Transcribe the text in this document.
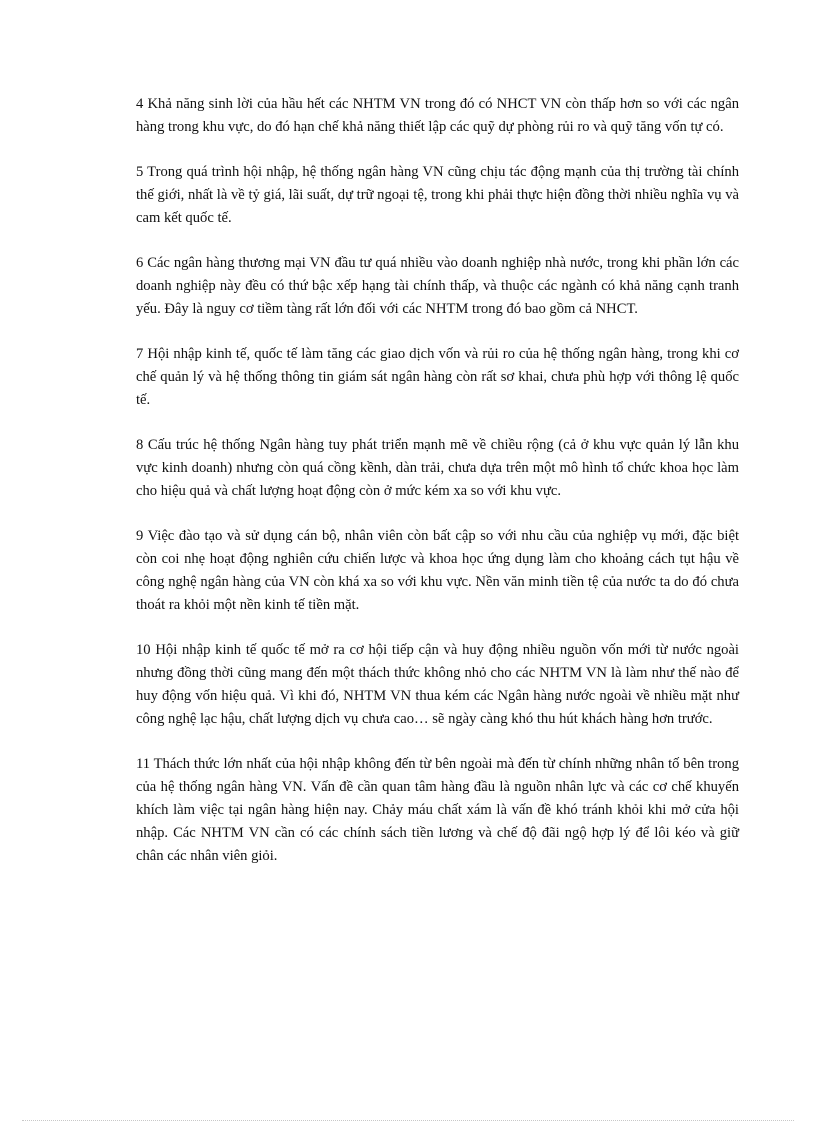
4 Khả năng sinh lời của hầu hết các NHTM VN trong đó có NHCT VN còn thấp hơn so với các ngân hàng trong khu vực, do đó hạn chế khả năng thiết lập các quỹ dự phòng rủi ro và quỹ tăng vốn tự có.

5 Trong quá trình hội nhập, hệ thống ngân hàng VN cũng chịu tác động mạnh của thị trường tài chính thế giới, nhất là về tỷ giá, lãi suất, dự trữ ngoại tệ, trong khi phải thực hiện đồng thời nhiều nghĩa vụ và cam kết quốc tế.

6 Các ngân hàng thương mại VN đầu tư quá nhiều vào doanh nghiệp nhà nước, trong khi phần lớn các doanh nghiệp này đều có thứ bậc xếp hạng tài chính thấp, và thuộc các ngành có khả năng cạnh tranh yếu. Đây là nguy cơ tiềm tàng rất lớn đối với các NHTM trong đó bao gồm cả NHCT.

7 Hội nhập kinh tế, quốc tế làm tăng các giao dịch vốn và rủi ro của hệ thống ngân hàng, trong khi cơ chế quản lý và hệ thống thông tin giám sát ngân hàng còn rất sơ khai, chưa phù hợp với thông lệ quốc tế.

8 Cấu trúc hệ thống Ngân hàng tuy phát triển mạnh mẽ về chiều rộng (cả ở khu vực quản lý lẫn khu vực kinh doanh) nhưng còn quá cồng kềnh, dàn trải, chưa dựa trên một mô hình tổ chức khoa học làm cho hiệu quả và chất lượng hoạt động còn ở mức kém xa so với khu vực.

9 Việc đào tạo và sử dụng cán bộ, nhân viên còn bất cập so với nhu cầu của nghiệp vụ mới, đặc biệt còn coi nhẹ hoạt động nghiên cứu chiến lược và khoa học ứng dụng làm cho khoảng cách tụt hậu về công nghệ ngân hàng của VN còn khá xa so với khu vực. Nền văn minh tiền tệ của nước ta do đó chưa thoát ra khỏi một nền kinh tế tiền mặt.

10 Hội nhập kinh tế quốc tế mở ra cơ hội tiếp cận và huy động nhiều nguồn vốn mới từ nước ngoài nhưng đồng thời cũng mang đến một thách thức không nhỏ cho các NHTM VN là làm như thế nào để huy động vốn hiệu quả. Vì khi đó, NHTM VN thua kém các Ngân hàng nước ngoài về nhiều mặt như công nghệ lạc hậu, chất lượng dịch vụ chưa cao… sẽ ngày càng khó thu hút khách hàng hơn trước.

11 Thách thức lớn nhất của hội nhập không đến từ bên ngoài mà đến từ chính những nhân tố bên trong của hệ thống ngân hàng VN. Vấn đề cần quan tâm hàng đầu là nguồn nhân lực và các cơ chế khuyến khích làm việc tại ngân hàng hiện nay. Chảy máu chất xám là vấn đề khó tránh khỏi khi mở cửa hội nhập. Các NHTM VN cần có các chính sách tiền lương và chế độ đãi ngộ hợp lý để lôi kéo và giữ chân các nhân viên giỏi.
